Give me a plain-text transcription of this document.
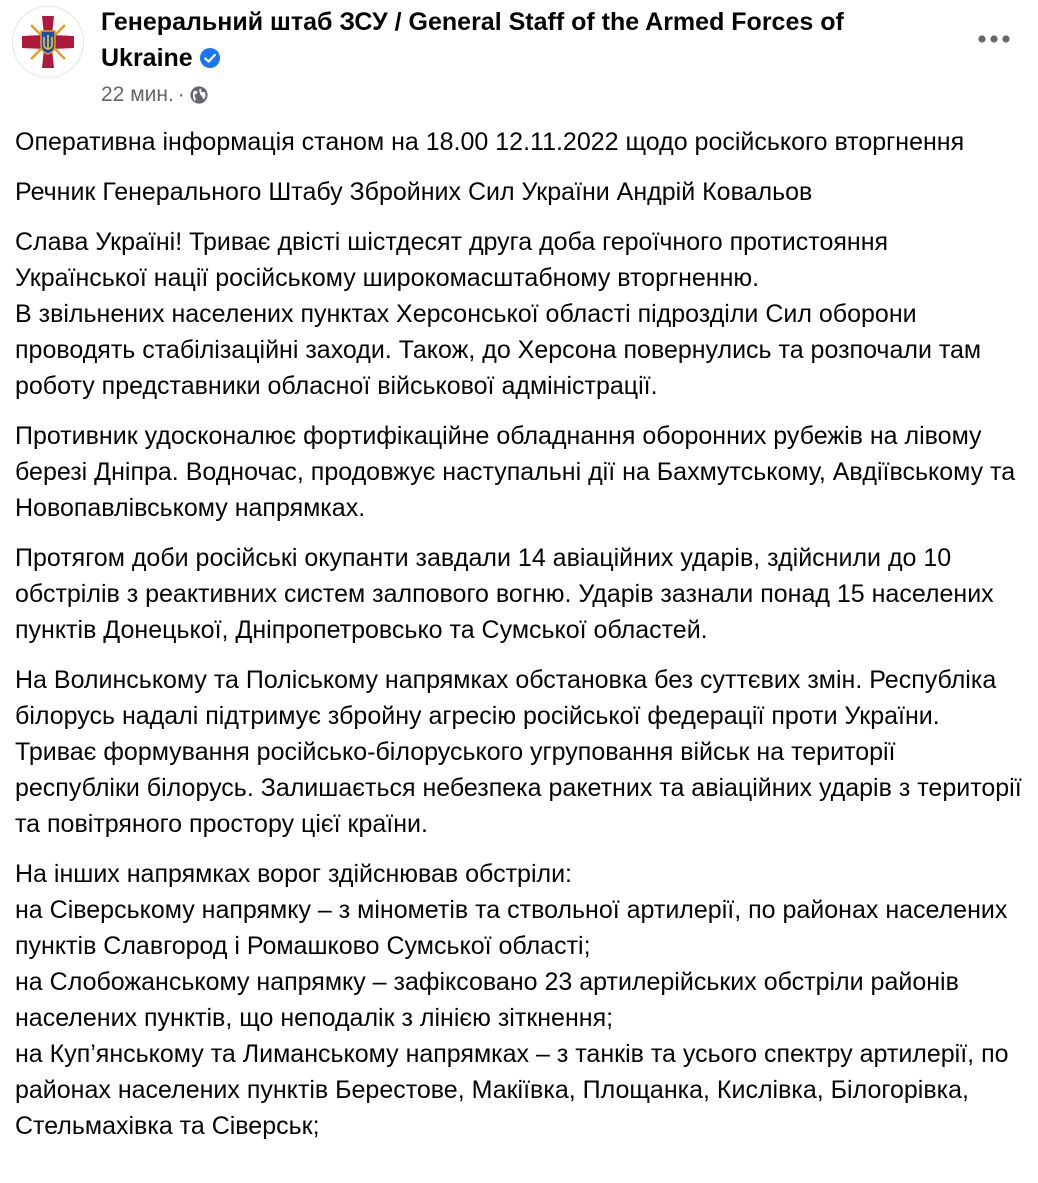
Генеральний штаб ЗСУ / General Staff of the Armed Forces of Ukraine
22 мин. ·

Оперативна інформація станом на 18.00 12.11.2022 щодо російського вторгнення

Речник Генерального Штабу Збройних Сил України Андрій Ковальов

Слава Україні! Триває двісті шістдесят друга доба героїчного протистояння Української нації російському широкомасштабному вторгненню.
В звільнених населених пунктах Херсонської області підрозділи Сил оборони проводять стабілізаційні заходи. Також, до Херсона повернулись та розпочали там роботу представники обласної військової адміністрації.

Противник удосконалює фортифікаційне обладнання оборонних рубежів на лівому березі Дніпра. Водночас, продовжує наступальні дії на Бахмутському, Авдіївському та Новопавлівському напрямках.

Протягом доби російські окупанти завдали 14 авіаційних ударів, здійснили до 10 обстрілів з реактивних систем залпового вогню. Ударів зазнали понад 15 населених пунктів Донецької, Дніпропетровсько та Сумської областей.

На Волинському та Поліському напрямках обстановка без суттєвих змін. Республіка білорусь надалі підтримує збройну агресію російської федерації проти України. Триває формування російсько-білоруського угруповання військ на території республіки білорусь. Залишається небезпека ракетних та авіаційних ударів з території та повітряного простору цієї країни.

На інших напрямках ворог здійснював обстріли:
на Сіверському напрямку – з мінометів та ствольної артилерії, по районах населених пунктів Славгород і Ромашково Сумської області;
на Слобожанському напрямку – зафіксовано 23 артилерійських обстріли районів населених пунктів, що неподалік з лінією зіткнення;
на Куп’янському та Лиманському напрямках – з танків та усього спектру артилерії, по районах населених пунктів Берестове, Макіївка, Площанка, Кислівка, Білогорівка, Стельмахівка та Сіверськ;
